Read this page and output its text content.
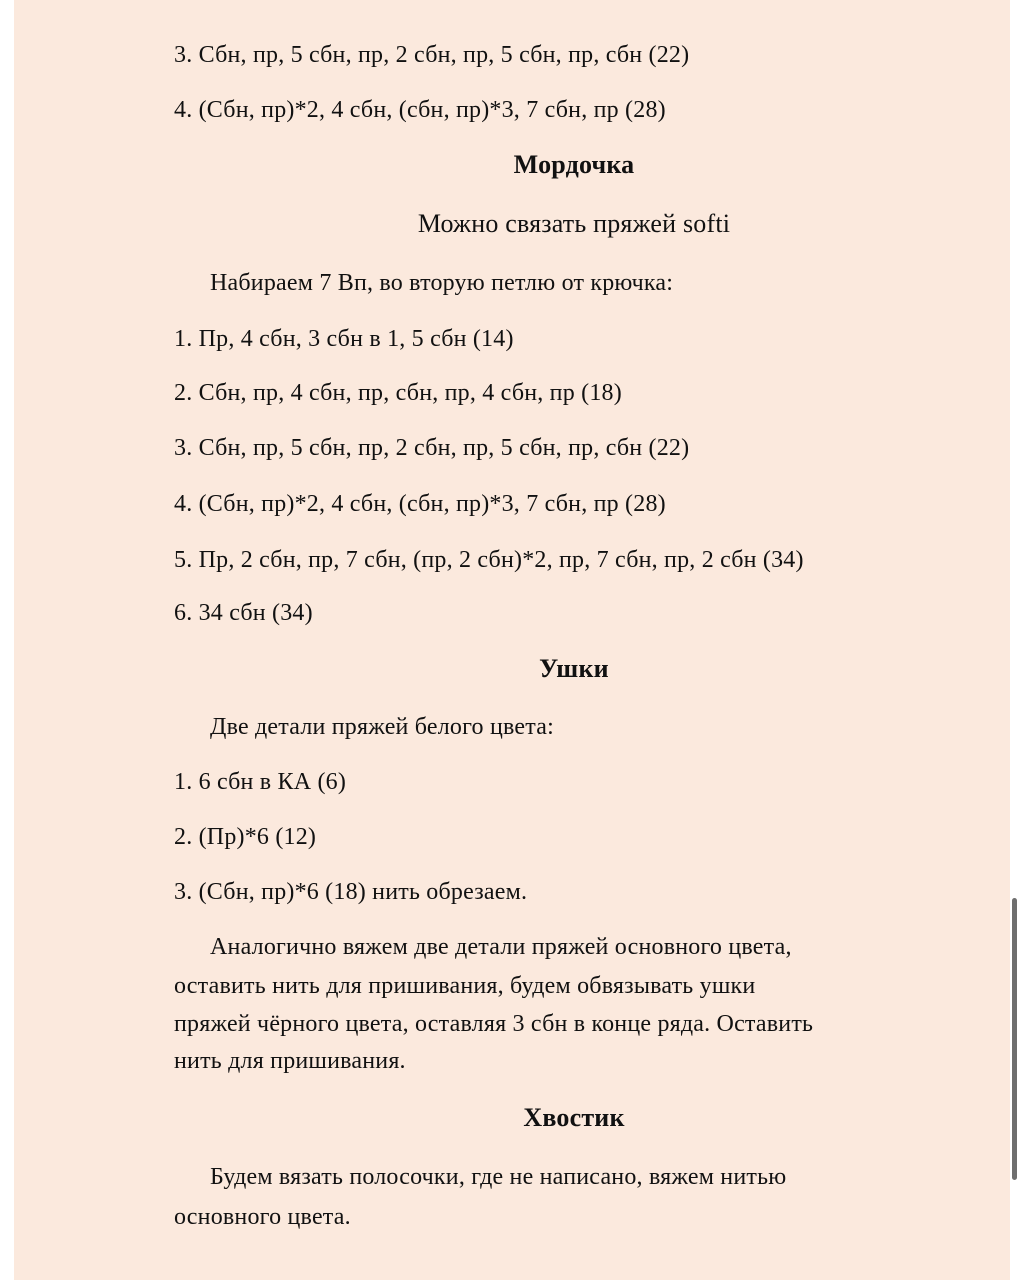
3. Сбн, пр, 5 сбн, пр, 2 сбн, пр, 5 сбн, пр, сбн (22)
4. (Сбн, пр)*2, 4 сбн, (сбн, пр)*3, 7 сбн, пр (28)
Мордочка
Можно связать пряжей softi
Набираем 7 Вп, во вторую петлю от крючка:
1. Пр, 4 сбн, 3 сбн в 1, 5 сбн (14)
2. Сбн, пр, 4 сбн, пр, сбн, пр, 4 сбн, пр (18)
3. Сбн, пр, 5 сбн, пр, 2 сбн, пр, 5 сбн, пр, сбн (22)
4. (Сбн, пр)*2, 4 сбн, (сбн, пр)*3, 7 сбн, пр (28)
5. Пр, 2 сбн, пр, 7 сбн, (пр, 2 сбн)*2, пр, 7 сбн, пр, 2 сбн (34)
6. 34 сбн (34)
Ушки
Две детали пряжей белого цвета:
1. 6 сбн в КА (6)
2. (Пр)*6 (12)
3. (Сбн, пр)*6 (18) нить обрезаем.
Аналогично вяжем две детали пряжей основного цвета,
оставить нить для пришивания, будем обвязывать ушки
пряжей чёрного цвета, оставляя 3 сбн в конце ряда. Оставить
нить для пришивания.
Хвостик
Будем вязать полосочки, где не написано, вяжем нитью
основного цвета.
